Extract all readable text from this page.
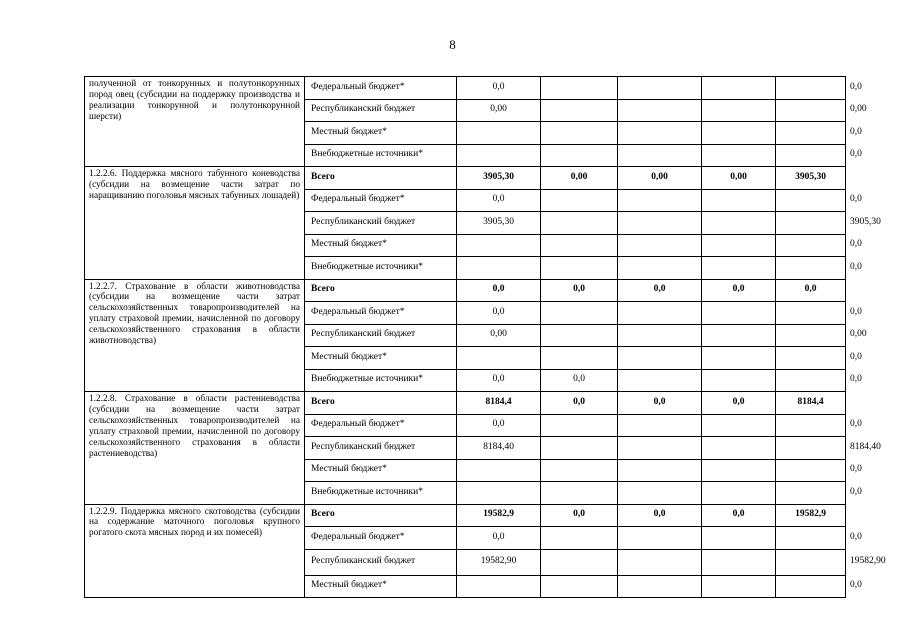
8
полученной от тонкорунных и полутонкорунных пород овец (субсидии на поддержку производства и реализации тонкорунной и полутонкорунной шерсти)	Федеральный бюджет*	0,0					0,0
	Республиканский бюджет	0,00					0,00
	Местный бюджет*						0,0
	Внебюджетные источники*						0,0
1.2.2.6. Поддержка мясного табунного коневодства (субсидии на возмещение части затрат по наращиванию поголовья мясных табунных лошадей)	Всего	3905,30	0,00	0,00	0,00	3905,30	
	Федеральный бюджет*	0,0					0,0
	Республиканский бюджет	3905,30					3905,30
	Местный бюджет*						0,0
	Внебюджетные источники*						0,0
1.2.2.7. Страхование в области животноводства (субсидии на возмещение части затрат сельскохозяйственных товаропроизводителей на уплату страховой премии, начисленной по договору сельскохозяйственного страхования в области животноводства)	Всего	0,0	0,0	0,0	0,0	0,0	
	Федеральный бюджет*	0,0					0,0
	Республиканский бюджет	0,00					0,00
	Местный бюджет*						0,0
	Внебюджетные источники*	0,0	0,0				0,0
1.2.2.8. Страхование в области растениеводства (субсидии на возмещение части затрат сельскохозяйственных товаропроизводителей на уплату страховой премии, начисленной по договору сельскохозяйственного страхования в области растениеводства)	Всего	8184,4	0,0	0,0	0,0	8184,4	
	Федеральный бюджет*	0,0					0,0
	Республиканский бюджет	8184,40					8184,40
	Местный бюджет*						0,0
	Внебюджетные источники*						0,0
1.2.2.9. Поддержка мясного скотоводства (субсидии на содержание маточного поголовья крупного рогатого скота мясных пород и их помесей)	Всего	19582,9	0,0	0,0	0,0	19582,9	
	Федеральный бюджет*	0,0					0,0
	Республиканский бюджет	19582,90					19582,90
	Местный бюджет*						0,0
